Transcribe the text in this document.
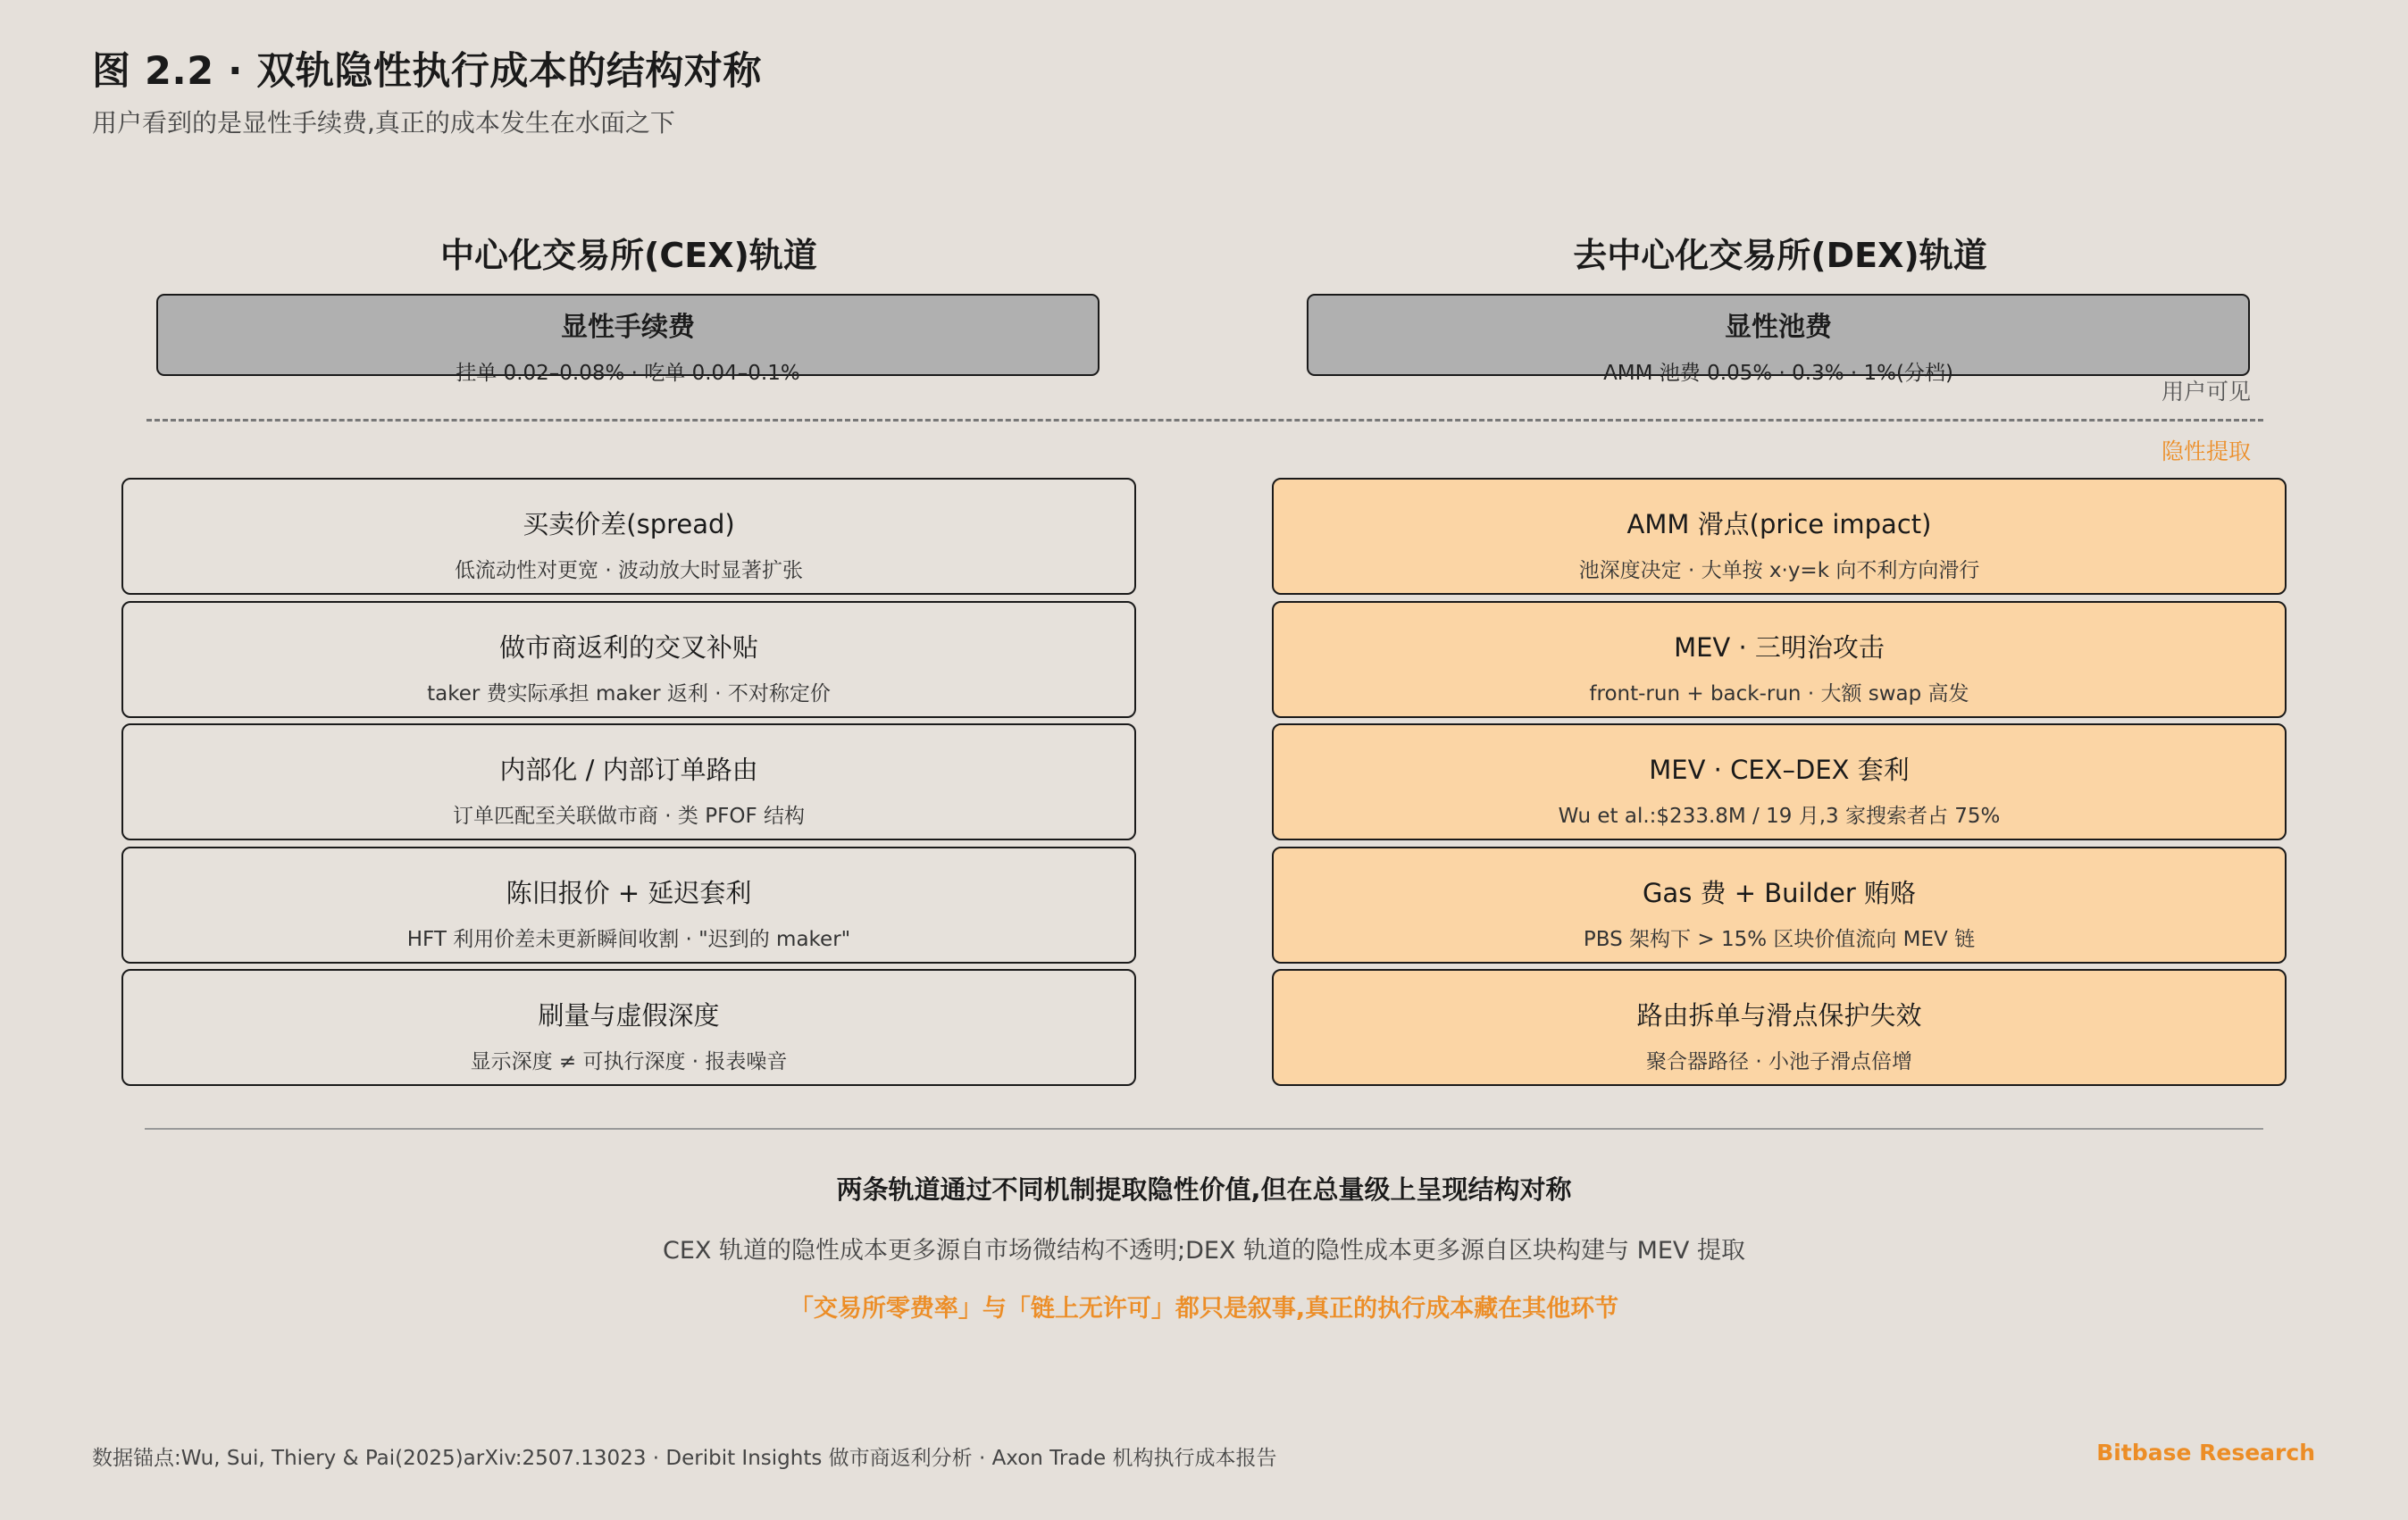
图 2.2 · 双轨隐性执行成本的结构对称
用户看到的是显性手续费,真正的成本发生在水面之下
中心化交易所(CEX)轨道	去中心化交易所(DEX)轨道
显性手续费
挂单 0.02–0.08% · 吃单 0.04–0.1%
显性池费
AMM 池费 0.05% · 0.3% · 1%(分档)
用户可见
隐性提取
买卖价差(spread)
低流动性对更宽 · 波动放大时显著扩张
做市商返利的交叉补贴
taker 费实际承担 maker 返利 · 不对称定价
内部化 / 内部订单路由
订单匹配至关联做市商 · 类 PFOF 结构
陈旧报价 + 延迟套利
HFT 利用价差未更新瞬间收割 · "迟到的 maker"
刷量与虚假深度
显示深度 ≠ 可执行深度 · 报表噪音
AMM 滑点(price impact)
池深度决定 · 大单按 x·y=k 向不利方向滑行
MEV · 三明治攻击
front-run + back-run · 大额 swap 高发
MEV · CEX–DEX 套利
Wu et al.:$233.8M / 19 月,3 家搜索者占 75%
Gas 费 + Builder 贿赂
PBS 架构下 > 15% 区块价值流向 MEV 链
路由拆单与滑点保护失效
聚合器路径 · 小池子滑点倍增
两条轨道通过不同机制提取隐性价值,但在总量级上呈现结构对称
CEX 轨道的隐性成本更多源自市场微结构不透明;DEX 轨道的隐性成本更多源自区块构建与 MEV 提取
「交易所零费率」与「链上无许可」都只是叙事,真正的执行成本藏在其他环节
数据锚点:Wu, Sui, Thiery & Pai(2025)arXiv:2507.13023 · Deribit Insights 做市商返利分析 · Axon Trade 机构执行成本报告	Bitbase Research
